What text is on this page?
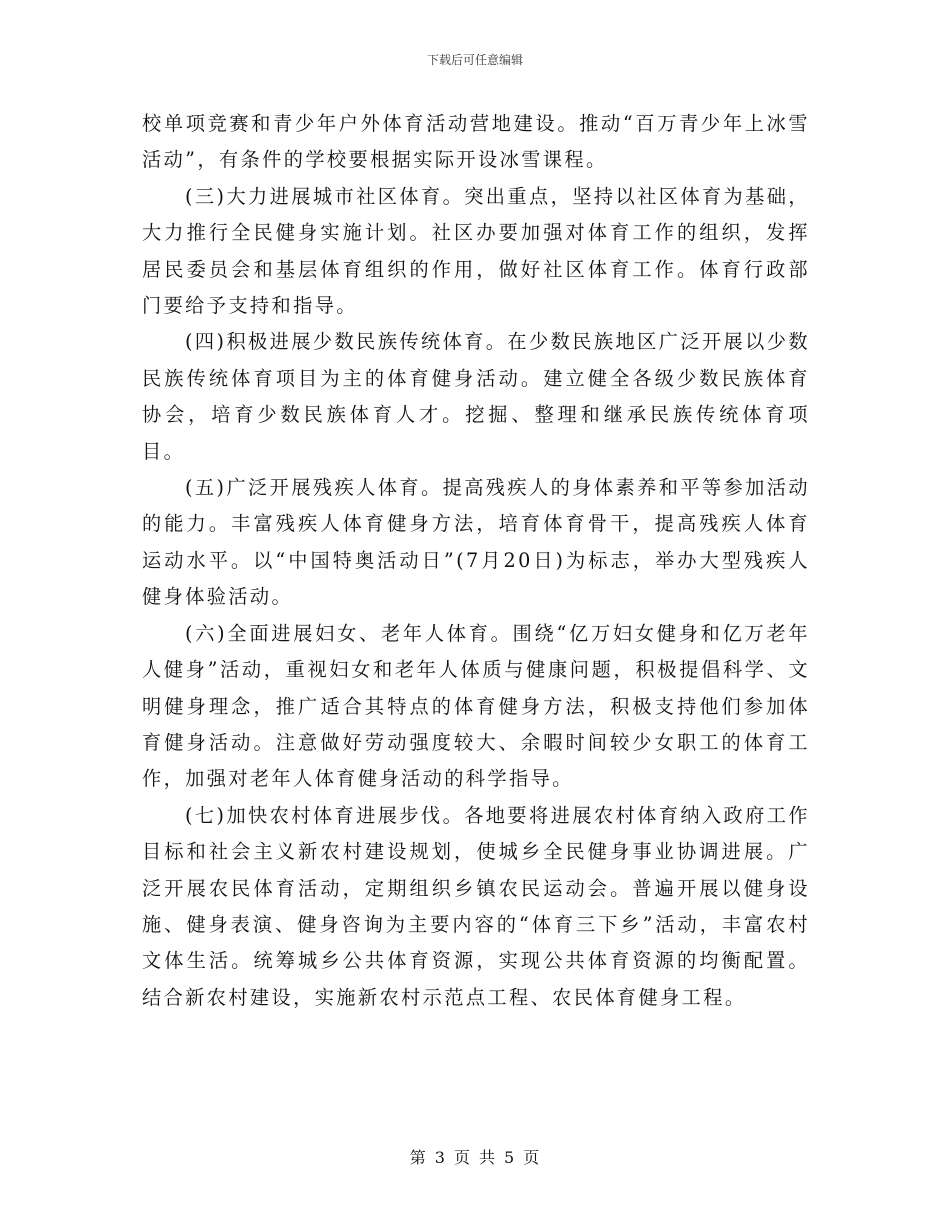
下载后可任意编辑

校单项竞赛和青少年户外体育活动营地建设。推动“百万青少年上冰雪活动”，有条件的学校要根据实际开设冰雪课程。

(三)大力进展城市社区体育。突出重点，坚持以社区体育为基础，大力推行全民健身实施计划。社区办要加强对体育工作的组织，发挥居民委员会和基层体育组织的作用，做好社区体育工作。体育行政部门要给予支持和指导。

(四)积极进展少数民族传统体育。在少数民族地区广泛开展以少数民族传统体育项目为主的体育健身活动。建立健全各级少数民族体育协会，培育少数民族体育人才。挖掘、整理和继承民族传统体育项目。

(五)广泛开展残疾人体育。提高残疾人的身体素养和平等参加活动的能力。丰富残疾人体育健身方法，培育体育骨干，提高残疾人体育运动水平。以“中国特奥活动日”(7月20日)为标志，举办大型残疾人健身体验活动。

(六)全面进展妇女、老年人体育。围绕“亿万妇女健身和亿万老年人健身”活动，重视妇女和老年人体质与健康问题，积极提倡科学、文明健身理念，推广适合其特点的体育健身方法，积极支持他们参加体育健身活动。注意做好劳动强度较大、余暇时间较少女职工的体育工作，加强对老年人体育健身活动的科学指导。

(七)加快农村体育进展步伐。各地要将进展农村体育纳入政府工作目标和社会主义新农村建设规划，使城乡全民健身事业协调进展。广泛开展农民体育活动，定期组织乡镇农民运动会。普遍开展以健身设施、健身表演、健身咨询为主要内容的“体育三下乡”活动，丰富农村文体生活。统筹城乡公共体育资源，实现公共体育资源的均衡配置。结合新农村建设，实施新农村示范点工程、农民体育健身工程。

第 3 页 共 5 页
